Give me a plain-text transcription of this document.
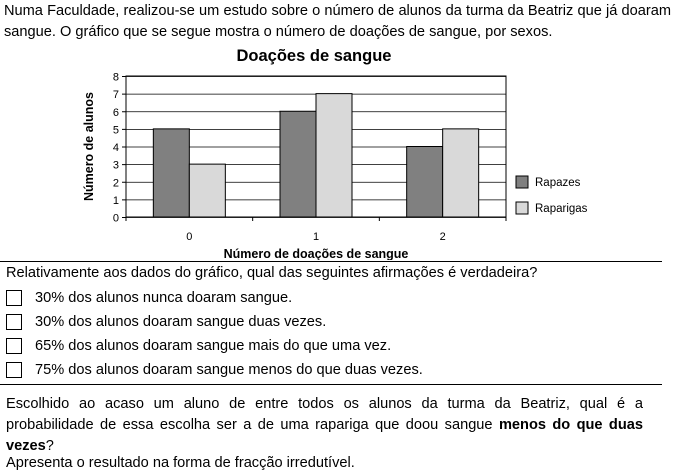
Numa Faculdade, realizou-se um estudo sobre o número de alunos da turma da Beatriz que já doaram sangue. O gráfico que se segue mostra o número de doações de sangue, por sexos.
Doações de sangue
0
1
2
3
4
5
6
7
8
0	1	2
Número de doações de sangue
Número de alunos	Rapazes
Raparigas
Relativamente aos dados do gráfico, qual das seguintes afirmações é verdadeira?
30% dos alunos nunca doaram sangue.
30% dos alunos doaram sangue duas vezes.
65% dos alunos doaram sangue mais do que uma vez.
75% dos alunos doaram sangue menos do que duas vezes.
Escolhido ao acaso um aluno de entre todos os alunos da turma da Beatriz, qual é a probabilidade de essa escolha ser a de uma rapariga que doou sangue menos do que duas vezes?
Apresenta o resultado na forma de fracção irredutível.
